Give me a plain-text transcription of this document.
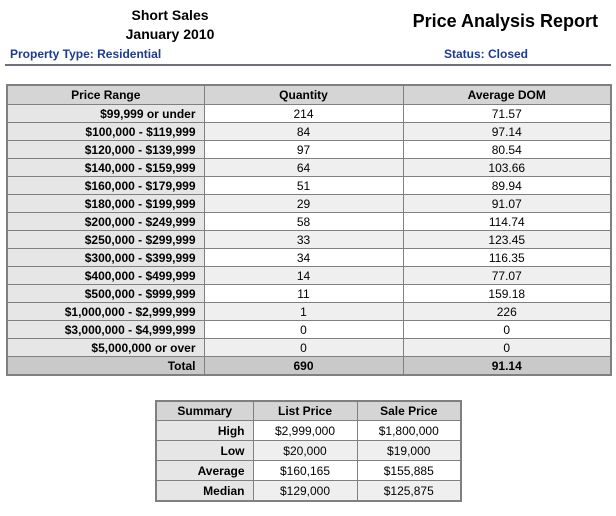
Short Sales
January 2010
Price Analysis Report
Property Type: Residential	Status: Closed
Price Range	Quantity	Average DOM
$99,999 or under	214	71.57
$100,000 - $119,999	84	97.14
$120,000 - $139,999	97	80.54
$140,000 - $159,999	64	103.66
$160,000 - $179,999	51	89.94
$180,000 - $199,999	29	91.07
$200,000 - $249,999	58	114.74
$250,000 - $299,999	33	123.45
$300,000 - $399,999	34	116.35
$400,000 - $499,999	14	77.07
$500,000 - $999,999	11	159.18
$1,000,000 - $2,999,999	1	226
$3,000,000 - $4,999,999	0	0
$5,000,000 or over	0	0
Total	690	91.14
Summary	List Price	Sale Price
High	$2,999,000	$1,800,000
Low	$20,000	$19,000
Average	$160,165	$155,885
Median	$129,000	$125,875
